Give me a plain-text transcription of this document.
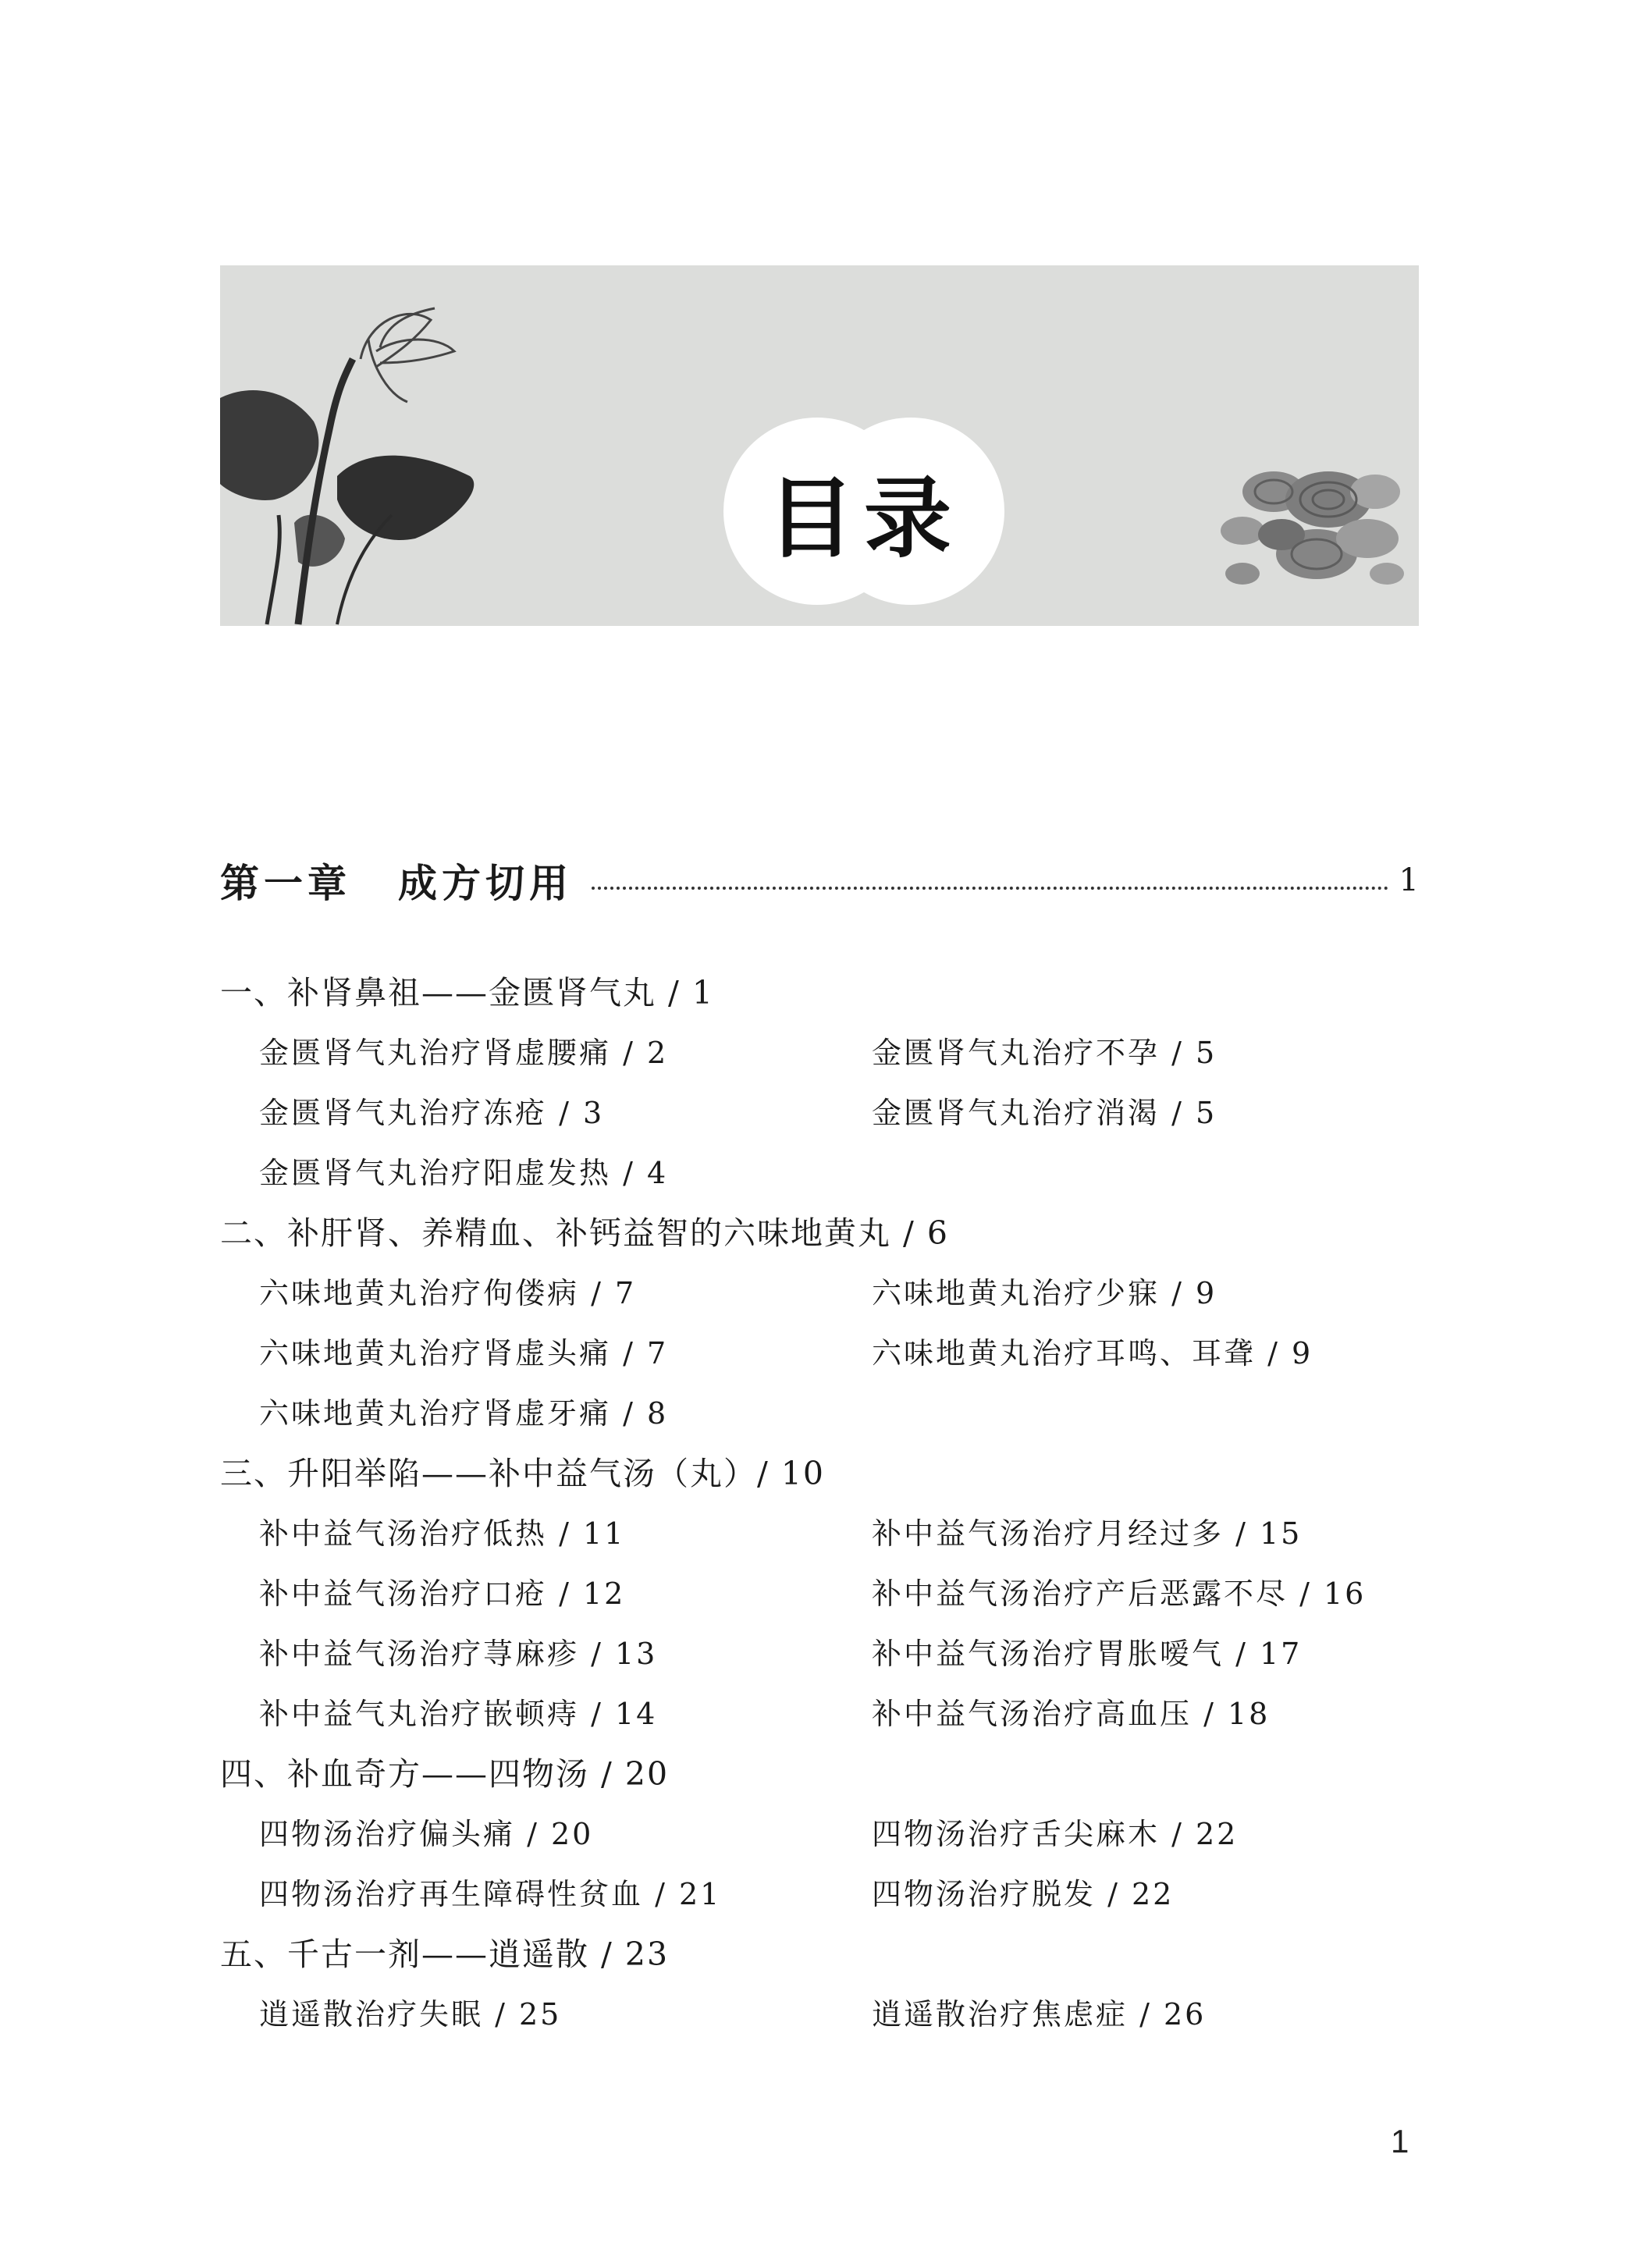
目录
第一章 成方切用	1
一、补肾鼻祖——金匮肾气丸 / 1
金匮肾气丸治疗肾虚腰痛 / 2	金匮肾气丸治疗不孕 / 5
金匮肾气丸治疗冻疮 / 3	金匮肾气丸治疗消渴 / 5
金匮肾气丸治疗阳虚发热 / 4
二、补肝肾、养精血、补钙益智的六味地黄丸 / 6
六味地黄丸治疗佝偻病 / 7	六味地黄丸治疗少寐 / 9
六味地黄丸治疗肾虚头痛 / 7	六味地黄丸治疗耳鸣、耳聋 / 9
六味地黄丸治疗肾虚牙痛 / 8
三、升阳举陷——补中益气汤（丸）/ 10
补中益气汤治疗低热 / 11	补中益气汤治疗月经过多 / 15
补中益气汤治疗口疮 / 12	补中益气汤治疗产后恶露不尽 / 16
补中益气汤治疗荨麻疹 / 13	补中益气汤治疗胃胀嗳气 / 17
补中益气丸治疗嵌顿痔 / 14	补中益气汤治疗高血压 / 18
四、补血奇方——四物汤 / 20
四物汤治疗偏头痛 / 20	四物汤治疗舌尖麻木 / 22
四物汤治疗再生障碍性贫血 / 21	四物汤治疗脱发 / 22
五、千古一剂——逍遥散 / 23
逍遥散治疗失眠 / 25	逍遥散治疗焦虑症 / 26
1
